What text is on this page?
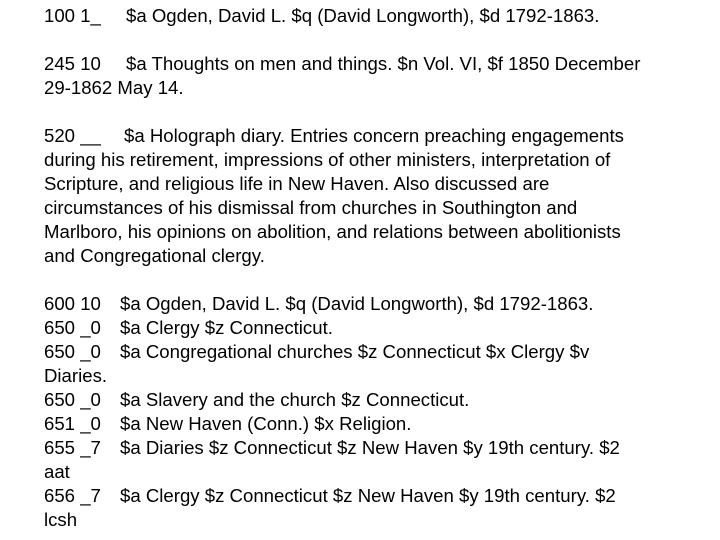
100 1_	$a Ogden, David L. $q (David Longworth), $d 1792-1863.
245 10	$a Thoughts on men and things. $n Vol. VI, $f 1850 December
29-1862 May 14.
520 __	$a Holograph diary. Entries concern preaching engagements
during his retirement, impressions of other ministers, interpretation of
Scripture, and religious life in New Haven. Also discussed are
circumstances of his dismissal from churches in Southington and
Marlboro, his opinions on abolition, and relations between abolitionists
and Congregational clergy.
600 10	$a Ogden, David L. $q (David Longworth), $d 1792-1863.
650 _0	$a Clergy $z Connecticut.
650 _0	$a Congregational churches $z Connecticut $x Clergy $v
Diaries.
650 _0	$a Slavery and the church $z Connecticut.
651 _0	$a New Haven (Conn.) $x Religion.
655 _7	$a Diaries $z Connecticut $z New Haven $y 19th century. $2
aat
656 _7	$a Clergy $z Connecticut $z New Haven $y 19th century. $2
lcsh
